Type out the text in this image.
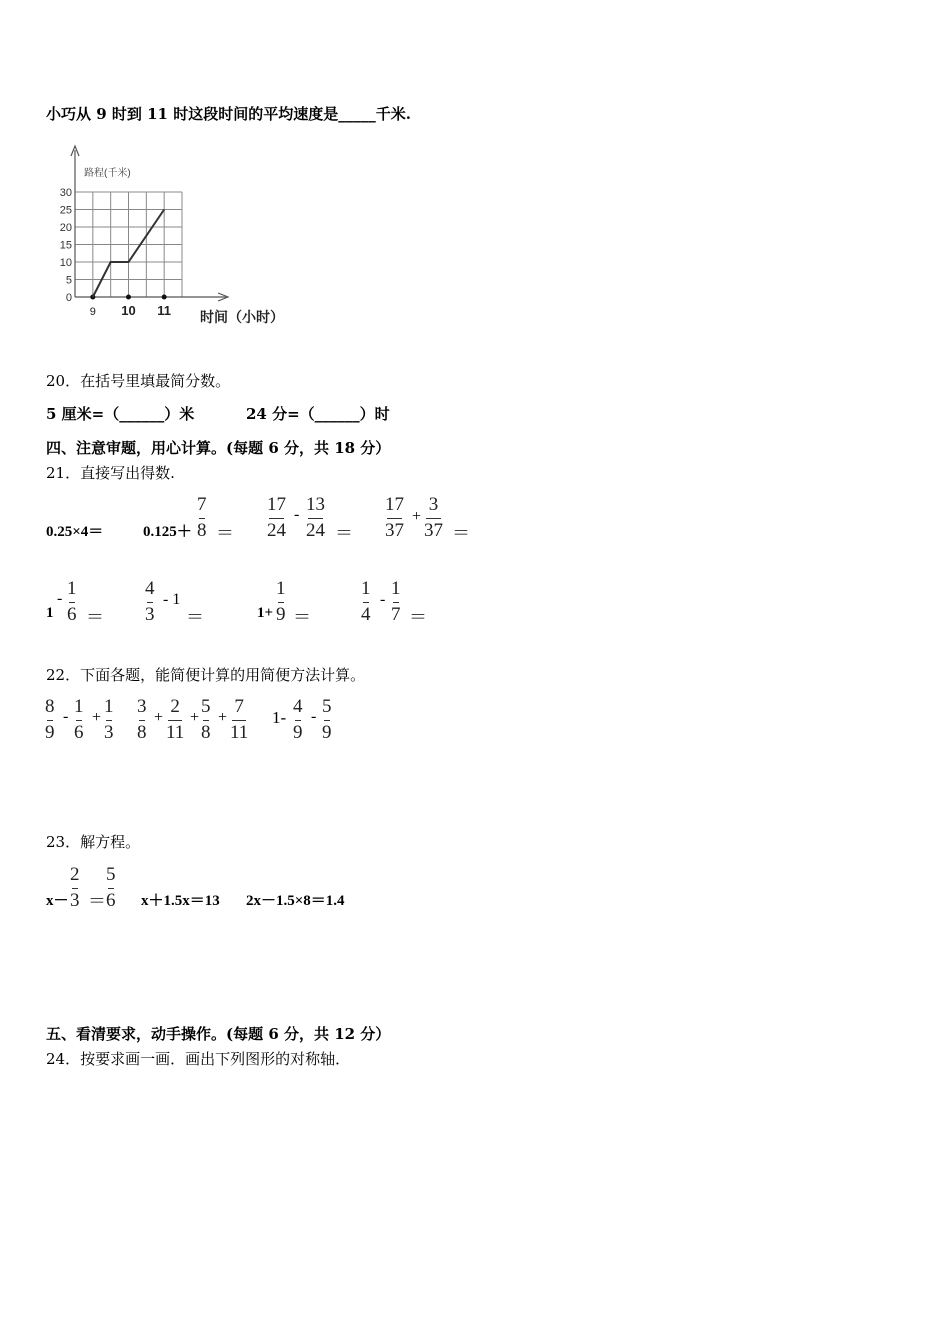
小巧从 9 时到 11 时这段时间的平均速度是_____千米.
路程(千米)
30
25
20
15
10
5
0
9 10 11 时间（小时）
20．在括号里填最简分数。
5 厘米=（______）米	24 分=（______）时
四、注意审题，用心计算。(每题 6 分，共 18 分）
21．直接写出得数.
0.25×4＝	0.125＋
7
8 ＝
17
24
- 13
24 ＝
17
37
+
3
37 ＝
1
- 1
6 ＝
4
3
- 1
＝	1+
1
9 ＝
1
4
-
1
7 ＝
22．下面各题，能简便计算的用简便方法计算。
8
9
- 1
6
+
1
3
3
8
+
2
11
+
5
8
+
7
11
1-
4
9
- 5
9
23．解方程。
x－
2
3 ＝
5
6 x＋1.5x＝13 2x－1.5×8＝1.4
五、看清要求，动手操作。(每题 6 分，共 12 分）
24．按要求画一画．画出下列图形的对称轴．
